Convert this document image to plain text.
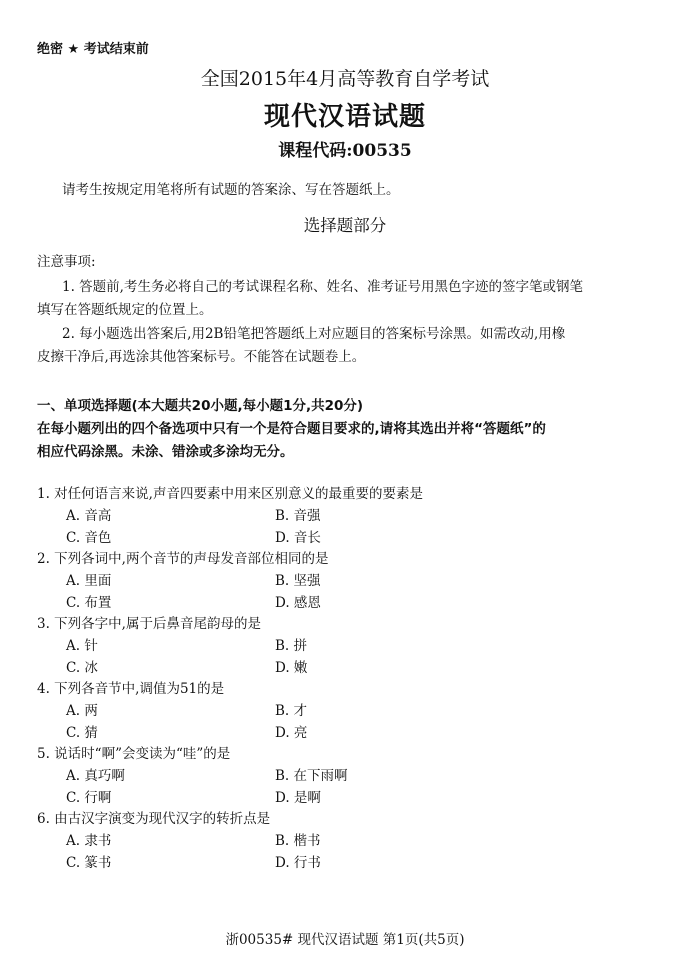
绝密 ★ 考试结束前
全国2015年4月高等教育自学考试
现代汉语试题
课程代码:00535
请考生按规定用笔将所有试题的答案涂、写在答题纸上。
选择题部分
注意事项:
1. 答题前,考生务必将自己的考试课程名称、姓名、准考证号用黑色字迹的签字笔或钢笔
填写在答题纸规定的位置上。
2. 每小题选出答案后,用2B铅笔把答题纸上对应题目的答案标号涂黑。如需改动,用橡
皮擦干净后,再选涂其他答案标号。不能答在试题卷上。
一、单项选择题(本大题共20小题,每小题1分,共20分)
在每小题列出的四个备选项中只有一个是符合题目要求的,请将其选出并将“答题纸”的
相应代码涂黑。未涂、错涂或多涂均无分。
1. 对任何语言来说,声音四要素中用来区别意义的最重要的要素是
A. 音高	B. 音强
C. 音色	D. 音长
2. 下列各词中,两个音节的声母发音部位相同的是
A. 里面	B. 坚强
C. 布置	D. 感恩
3. 下列各字中,属于后鼻音尾韵母的是
A. 针	B. 拼
C. 冰	D. 嫩
4. 下列各音节中,调值为51的是
A. 两	B. 才
C. 猜	D. 亮
5. 说话时“啊”会变读为“哇”的是
A. 真巧啊	B. 在下雨啊
C. 行啊	D. 是啊
6. 由古汉字演变为现代汉字的转折点是
A. 隶书	B. 楷书
C. 篆书	D. 行书
浙00535# 现代汉语试题 第1页(共5页)
